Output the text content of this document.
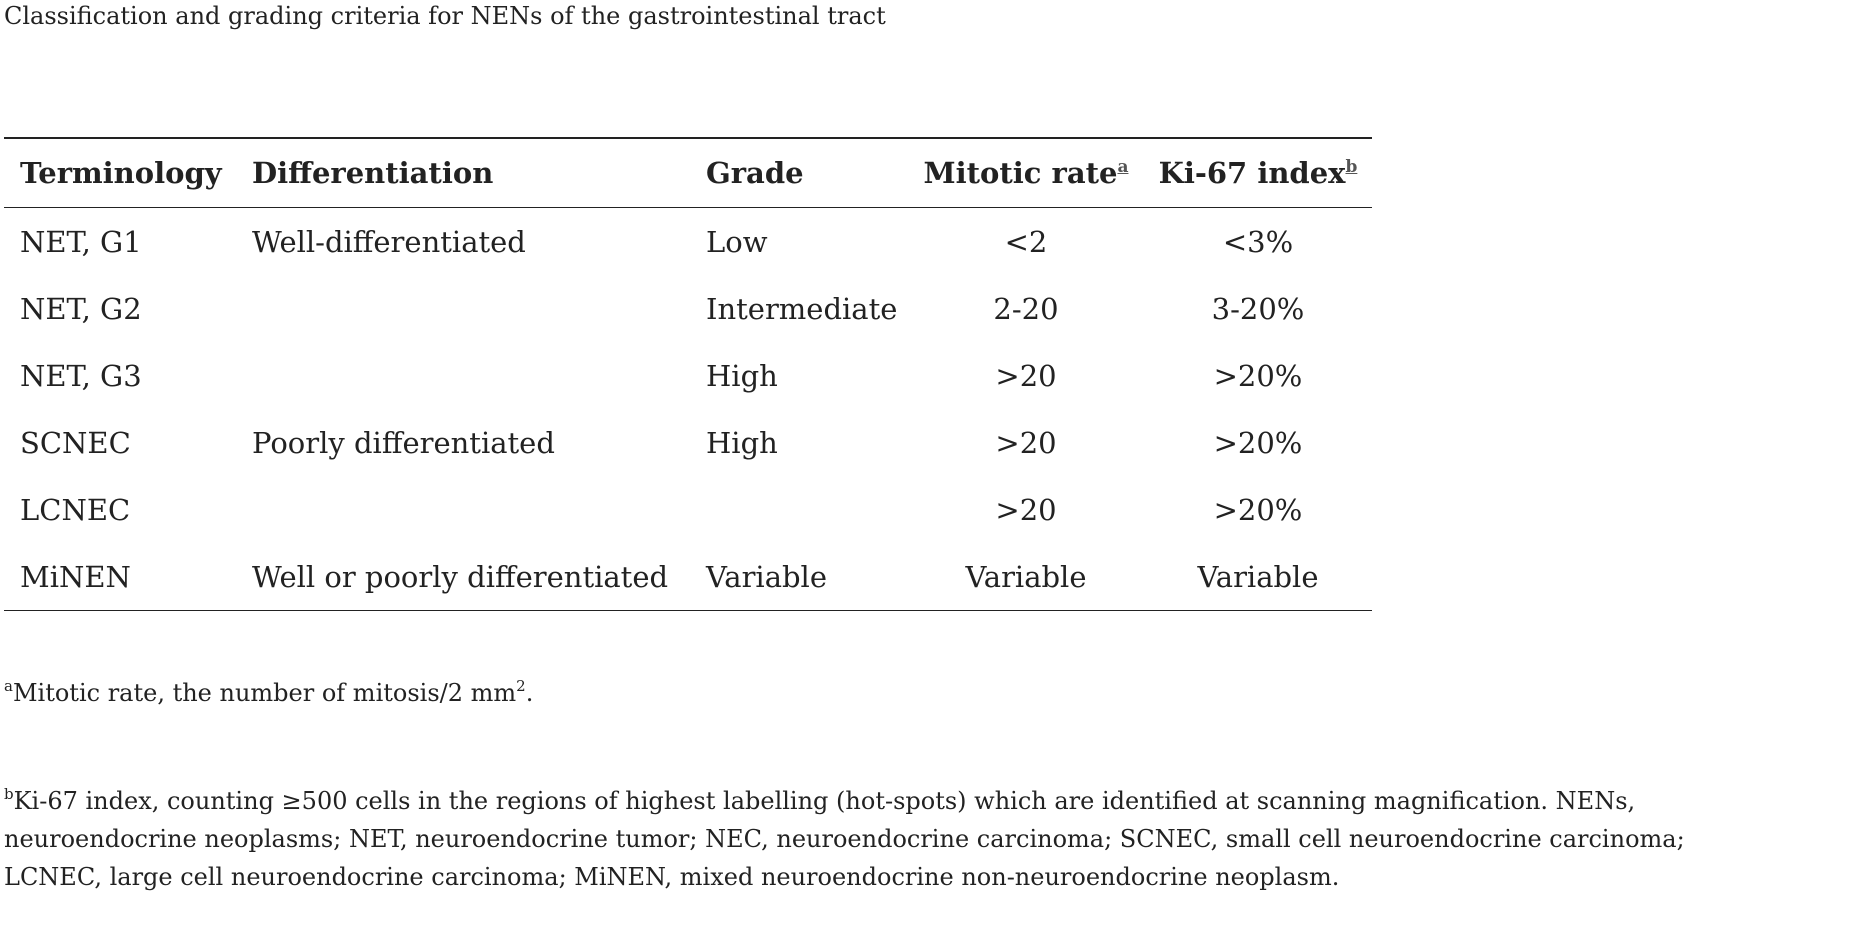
Classification and grading criteria for NENs of the gastrointestinal tract
Terminology	Differentiation	Grade	Mitotic rate$^a$	Ki-67 index$^b$
NET, G1	Well-differentiated	Low	<2	<3%
NET, G2		Intermediate	2-20	3-20%
NET, G3		High	>20	>20%
SCNEC	Poorly differentiated	High	>20	>20%
LCNEC			>20	>20%
MiNEN	Well or poorly differentiated	Variable	Variable	Variable
$^a$Mitotic rate, the number of mitosis/2 $mm^2$.
$^b$Ki-67 index, counting ≥500 cells in the regions of highest labelling (hot-spots) which are identified at scanning magnification. NENs,
neuroendocrine neoplasms; NET, neuroendocrine tumor; NEC, neuroendocrine carcinoma; SCNEC, small cell neuroendocrine carcinoma;
LCNEC, large cell neuroendocrine carcinoma; MiNEN, mixed neuroendocrine non-neuroendocrine neoplasm.
